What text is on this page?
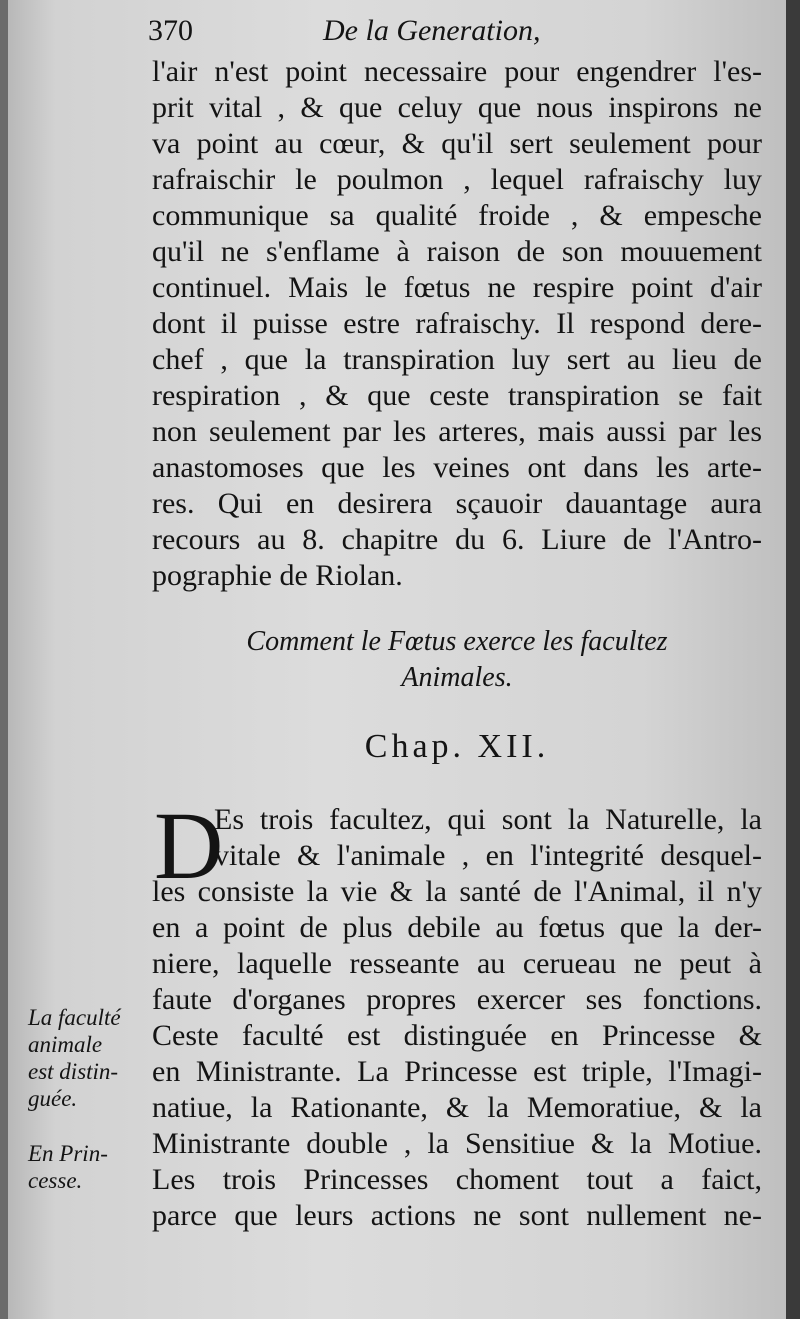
370	De la Generation,
l'air n'est point necessaire pour engendrer l'es-
prit vital , & que celuy que nous inspirons ne
va point au cœur, & qu'il sert seulement pour
rafraischir le poulmon , lequel rafraischy luy
communique sa qualité froide , & empesche
qu'il ne s'enflame à raison de son mouuement
continuel. Mais le fœtus ne respire point d'air
dont il puisse estre rafraischy. Il respond dere-
chef , que la transpiration luy sert au lieu de
respiration , & que ceste transpiration se fait
non seulement par les arteres, mais aussi par les
anastomoses que les veines ont dans les arte-
res. Qui en desirera sçauoir dauantage aura
recours au 8. chapitre du 6. Liure de l'Antro-
pographie de Riolan.
Comment le Fœtus exerce les facultez
Animales.
Chap. XII.
D
Es trois facultez, qui sont la Naturelle, la
vitale & l'animale , en l'integrité desquel-
les consiste la vie & la santé de l'Animal, il n'y
en a point de plus debile au fœtus que la der-
niere, laquelle resseante au cerueau ne peut à
faute d'organes propres exercer ses fonctions.
Ceste faculté est distinguée en Princesse &
en Ministrante. La Princesse est triple, l'Imagi-
natiue, la Rationante, & la Memoratiue, & la
Ministrante double , la Sensitiue & la Motiue.
Les trois Princesses choment tout a faict,
parce que leurs actions ne sont nullement ne-
La faculté
animale
est distin-
guée.
En Prin-
cesse.
